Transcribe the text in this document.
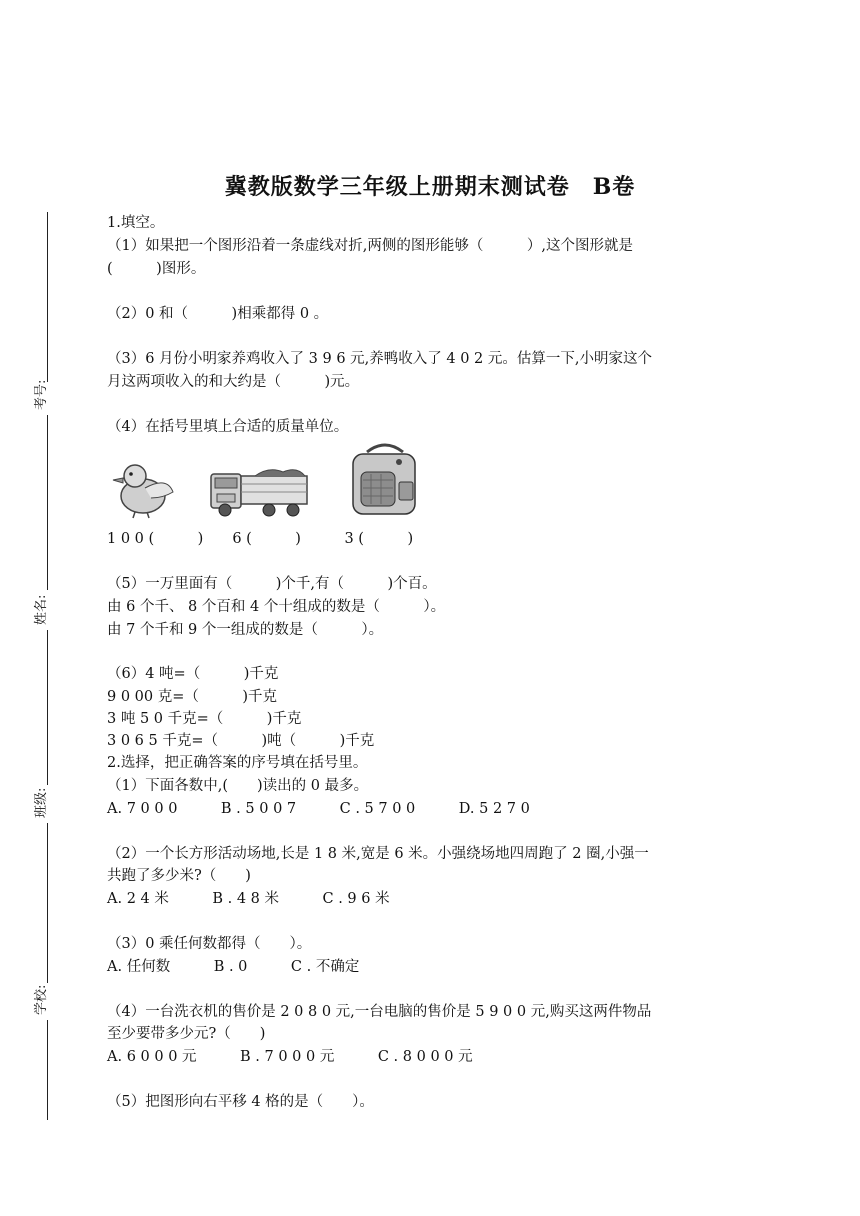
冀教版数学三年级上册期末测试卷　B卷
考号:
姓名:
班级:
学校:
1.填空。
（1）如果把一个图形沿着一条虚线对折,两侧的图形能够（　　　）,这个图形就是
(　　　)图形。
（2）0 和（　　　)相乘都得 0 。
（3）6 月份小明家养鸡收入了 3 9 6 元,养鸭收入了 4 0 2 元。估算一下,小明家这个
月这两项收入的和大约是（　　　)元。
（4）在括号里填上合适的质量单位。
1 0 0 (　　　)　　6 (　　　)　　　3 (　　　)
（5）一万里面有（　　　)个千,有（　　　)个百。
由 6 个千、 8 个百和 4 个十组成的数是（　　　）。
由 7 个千和 9 个一组成的数是（　　　）。
（6）4 吨=（　　　)千克
9 0 00 克=（　　　)千克
3 吨 5 0 千克=（　　　)千克
3 0 6 5 千克=（　　　)吨（　　　)千克
2.选择，把正确答案的序号填在括号里。
（1）下面各数中,(　　)读出的 0 最多。
A. 7 0 0 0　　　B . 5 0 0 7　　　C . 5 7 0 0　　　D. 5 2 7 0
（2）一个长方形活动场地,长是 1 8 米,宽是 6 米。小强绕场地四周跑了 2 圈,小强一
共跑了多少米?（　　)
A. 2 4 米　　　B . 4 8 米　　　C . 9 6 米
（3）0 乘任何数都得（　　）。
A. 任何数　　　B . 0　　　C . 不确定
（4）一台洗衣机的售价是 2 0 8 0 元,一台电脑的售价是 5 9 0 0 元,购买这两件物品
至少要带多少元?（　　)
A. 6 0 0 0 元　　　B . 7 0 0 0 元　　　C . 8 0 0 0 元
（5）把图形向右平移 4 格的是（　　）。
